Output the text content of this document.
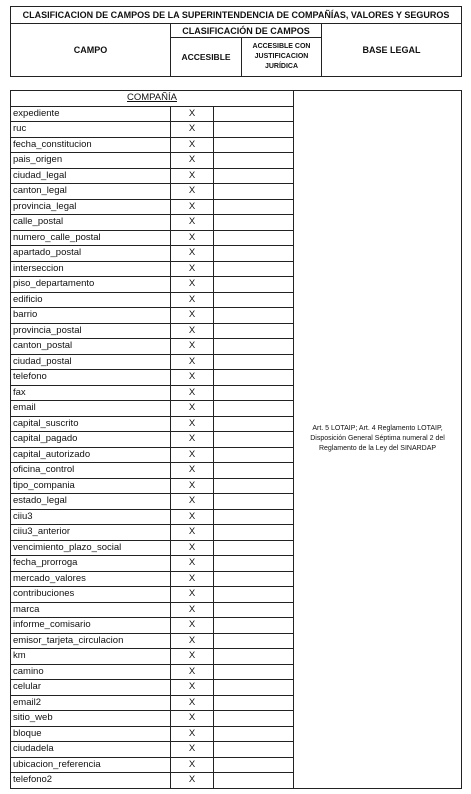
CLASIFICACION DE CAMPOS DE LA SUPERINTENDENCIA DE COMPAÑÍAS, VALORES Y SEGUROS			
CAMPO	CLASIFICACIÓN DE CAMPOS		BASE LEGAL
	ACCESIBLE	ACCESIBLE CON JUSTIFICACION JURÍDICA	
COMPAÑÍA			Art. 5 LOTAIP; Art. 4 Reglamento LOTAIP, Disposición General Séptima numeral 2 del Reglamento de la Ley del SINARDAP
expediente	X		
ruc	X		
fecha_constitucion	X		
pais_origen	X		
ciudad_legal	X		
canton_legal	X		
provincia_legal	X		
calle_postal	X		
numero_calle_postal	X		
apartado_postal	X		
interseccion	X		
piso_departamento	X		
edificio	X		
barrio	X		
provincia_postal	X		
canton_postal	X		
ciudad_postal	X		
telefono	X		
fax	X		
email	X		
capital_suscrito	X		
capital_pagado	X		
capital_autorizado	X		
oficina_control	X		
tipo_compania	X		
estado_legal	X		
ciiu3	X		
ciiu3_anterior	X		
vencimiento_plazo_social	X		
fecha_prorroga	X		
mercado_valores	X		
contribuciones	X		
marca	X		
informe_comisario	X		
emisor_tarjeta_circulacion	X		
km	X		
camino	X		
celular	X		
email2	X		
sitio_web	X		
bloque	X		
ciudadela	X		
ubicacion_referencia	X		
telefono2	X		
